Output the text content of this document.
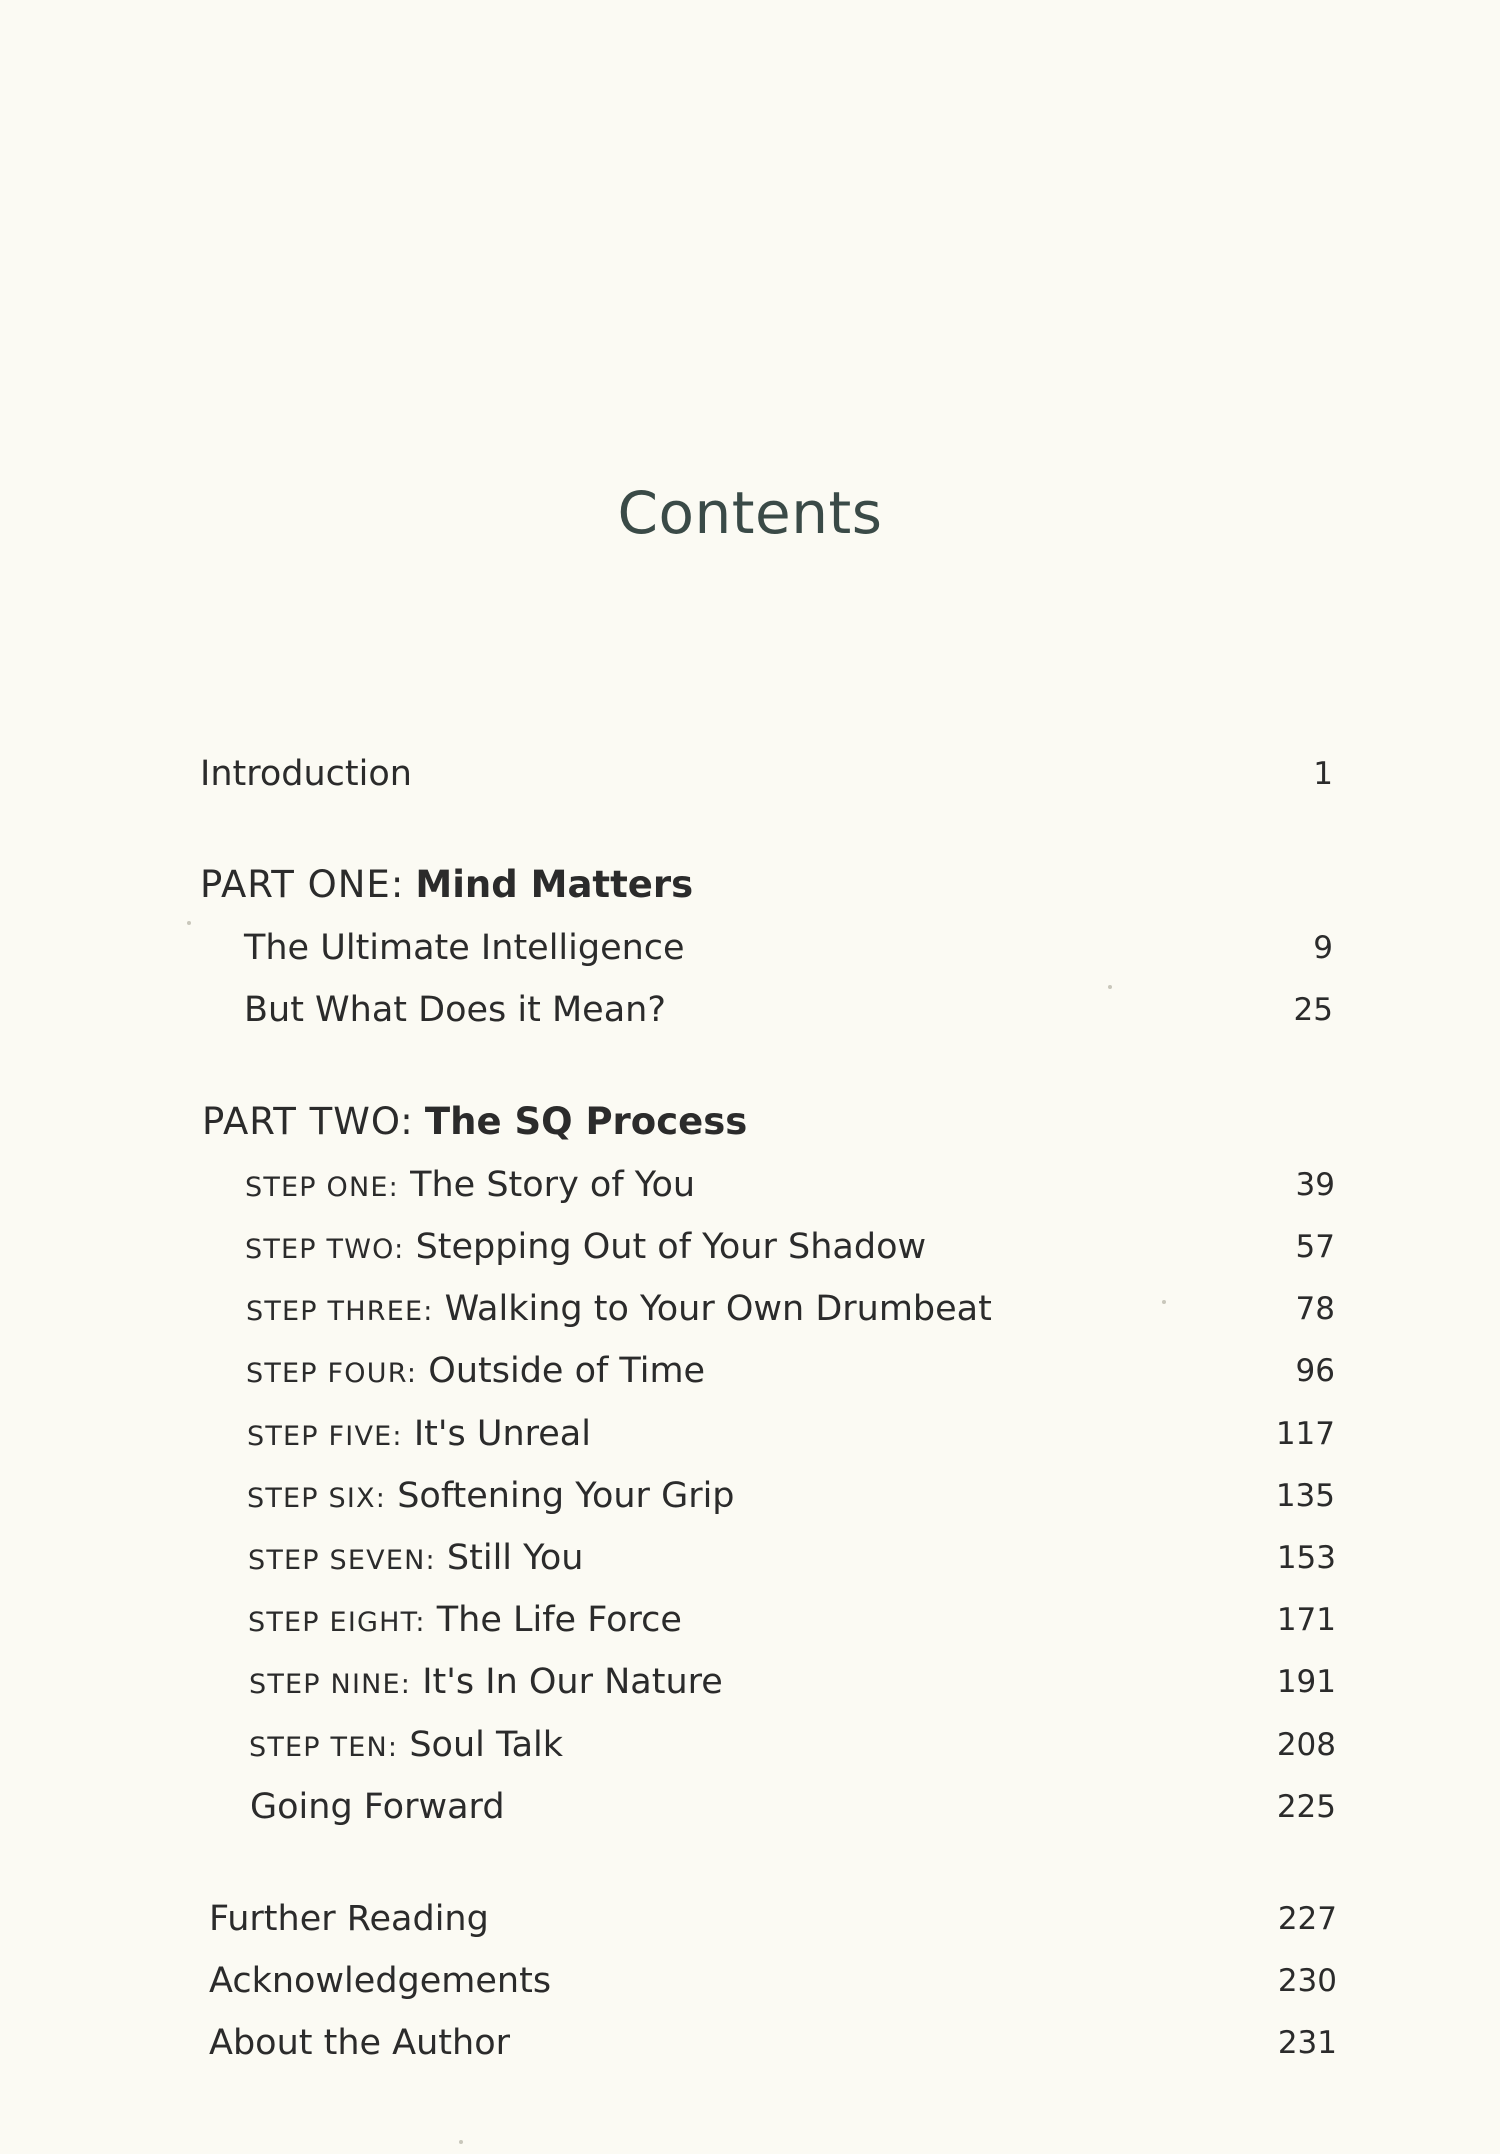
Contents
Introduction	1
PART ONE: Mind Matters
The Ultimate Intelligence	9
But What Does it Mean?	25
PART TWO: The SQ Process
STEP ONE: The Story of You	39
STEP TWO: Stepping Out of Your Shadow	57
STEP THREE: Walking to Your Own Drumbeat	78
STEP FOUR: Outside of Time	96
STEP FIVE: It's Unreal	117
STEP SIX: Softening Your Grip	135
STEP SEVEN: Still You	153
STEP EIGHT: The Life Force	171
STEP NINE: It's In Our Nature	191
STEP TEN: Soul Talk	208
Going Forward	225
Further Reading	227
Acknowledgements	230
About the Author	231
